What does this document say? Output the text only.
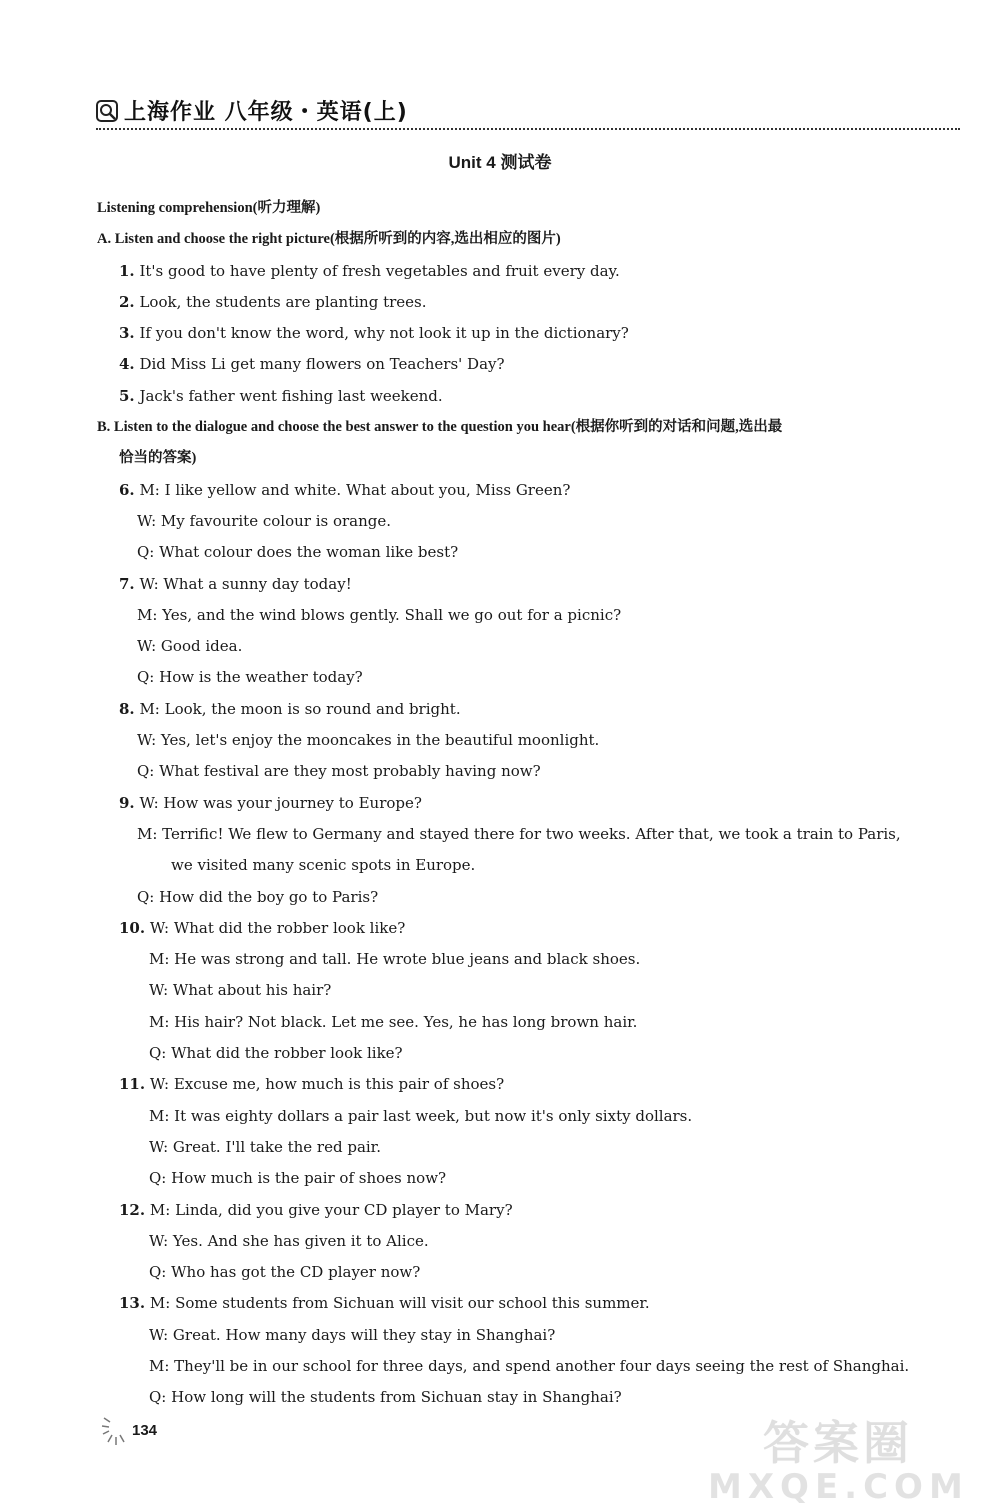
上海作业 八年级・英语(上)
Unit 4 测试卷
Listening comprehension(听力理解)
A. Listen and choose the right picture(根据所听到的内容,选出相应的图片)
1. It's good to have plenty of fresh vegetables and fruit every day.
2. Look, the students are planting trees.
3. If you don't know the word, why not look it up in the dictionary?
4. Did Miss Li get many flowers on Teachers' Day?
5. Jack's father went fishing last weekend.
B. Listen to the dialogue and choose the best answer to the question you hear(根据你听到的对话和问题,选出最
恰当的答案)
6. M: I like yellow and white. What about you, Miss Green?
W: My favourite colour is orange.
Q: What colour does the woman like best?
7. W: What a sunny day today!
M: Yes, and the wind blows gently. Shall we go out for a picnic?
W: Good idea.
Q: How is the weather today?
8. M: Look, the moon is so round and bright.
W: Yes, let's enjoy the mooncakes in the beautiful moonlight.
Q: What festival are they most probably having now?
9. W: How was your journey to Europe?
M: Terrific! We flew to Germany and stayed there for two weeks. After that, we took a train to Paris,
we visited many scenic spots in Europe.
Q: How did the boy go to Paris?
10. W: What did the robber look like?
M: He was strong and tall. He wrote blue jeans and black shoes.
W: What about his hair?
M: His hair? Not black. Let me see. Yes, he has long brown hair.
Q: What did the robber look like?
11. W: Excuse me, how much is this pair of shoes?
M: It was eighty dollars a pair last week, but now it's only sixty dollars.
W: Great. I'll take the red pair.
Q: How much is the pair of shoes now?
12. M: Linda, did you give your CD player to Mary?
W: Yes. And she has given it to Alice.
Q: Who has got the CD player now?
13. M: Some students from Sichuan will visit our school this summer.
W: Great. How many days will they stay in Shanghai?
M: They'll be in our school for three days, and spend another four days seeing the rest of Shanghai.
Q: How long will the students from Sichuan stay in Shanghai?
134	答案圈
MXQE.COM
